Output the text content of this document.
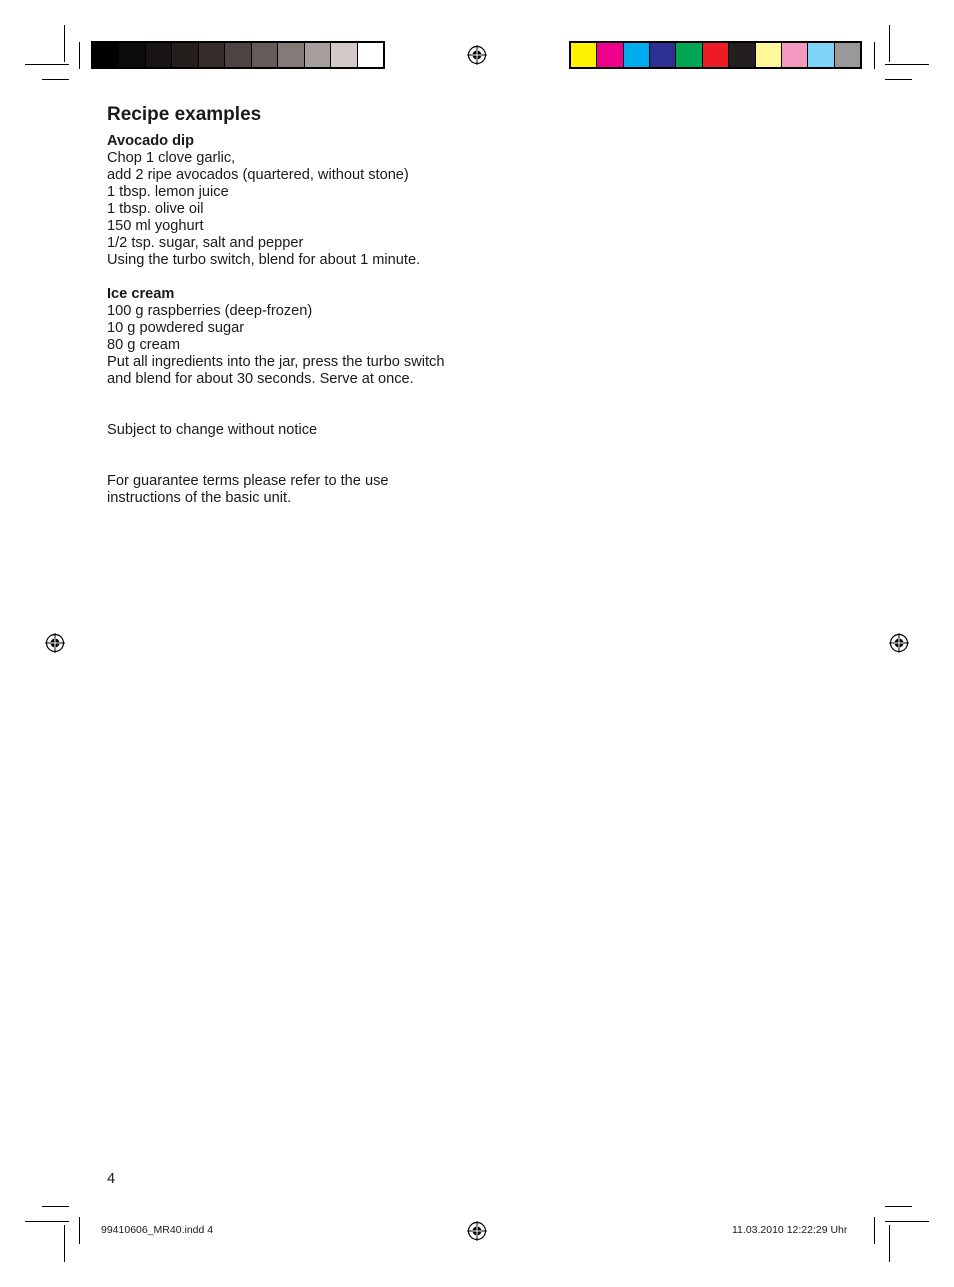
Recipe examples
Avocado dip
Chop 1 clove garlic,
add 2 ripe avocados (quartered, without stone)
1 tbsp. lemon juice
1 tbsp. olive oil
150 ml yoghurt
1/2 tsp. sugar, salt and pepper
Using the turbo switch, blend for about 1 minute.
Ice cream
100 g raspberries (deep-frozen)
10 g powdered sugar
80 g cream
Put all ingredients into the jar, press the turbo switch
and blend for about 30 seconds. Serve at once.
Subject to change without notice
For guarantee terms please refer to the use
instructions of the basic unit.
4
99410606_MR40.indd 4	11.03.2010 12:22:29 Uhr
